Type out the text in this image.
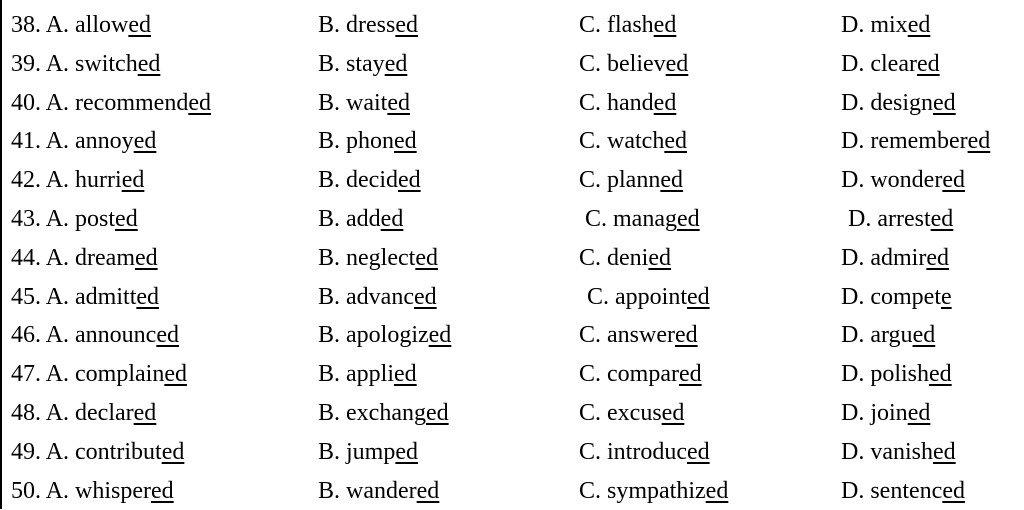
38. A. allowed	B. dressed	C. flashed	D. mixed
39. A. switched	B. stayed	C. believed	D. cleared
40. A. recommended	B. waited	C. handed	D. designed
41. A. annoyed	B. phoned	C. watched	D. remembered
42. A. hurried	B. decided	C. planned	D. wondered
43. A. posted	B. added	C. managed	D. arrested
44. A. dreamed	B. neglected	C. denied	D. admired
45. A. admitted	B. advanced	C. appointed	D. compete
46. A. announced	B. apologized	C. answered	D. argued
47. A. complained	B. applied	C. compared	D. polished
48. A. declared	B. exchanged	C. excused	D. joined
49. A. contributed	B. jumped	C. introduced	D. vanished
50. A. whispered	B. wandered	C. sympathized	D. sentenced
